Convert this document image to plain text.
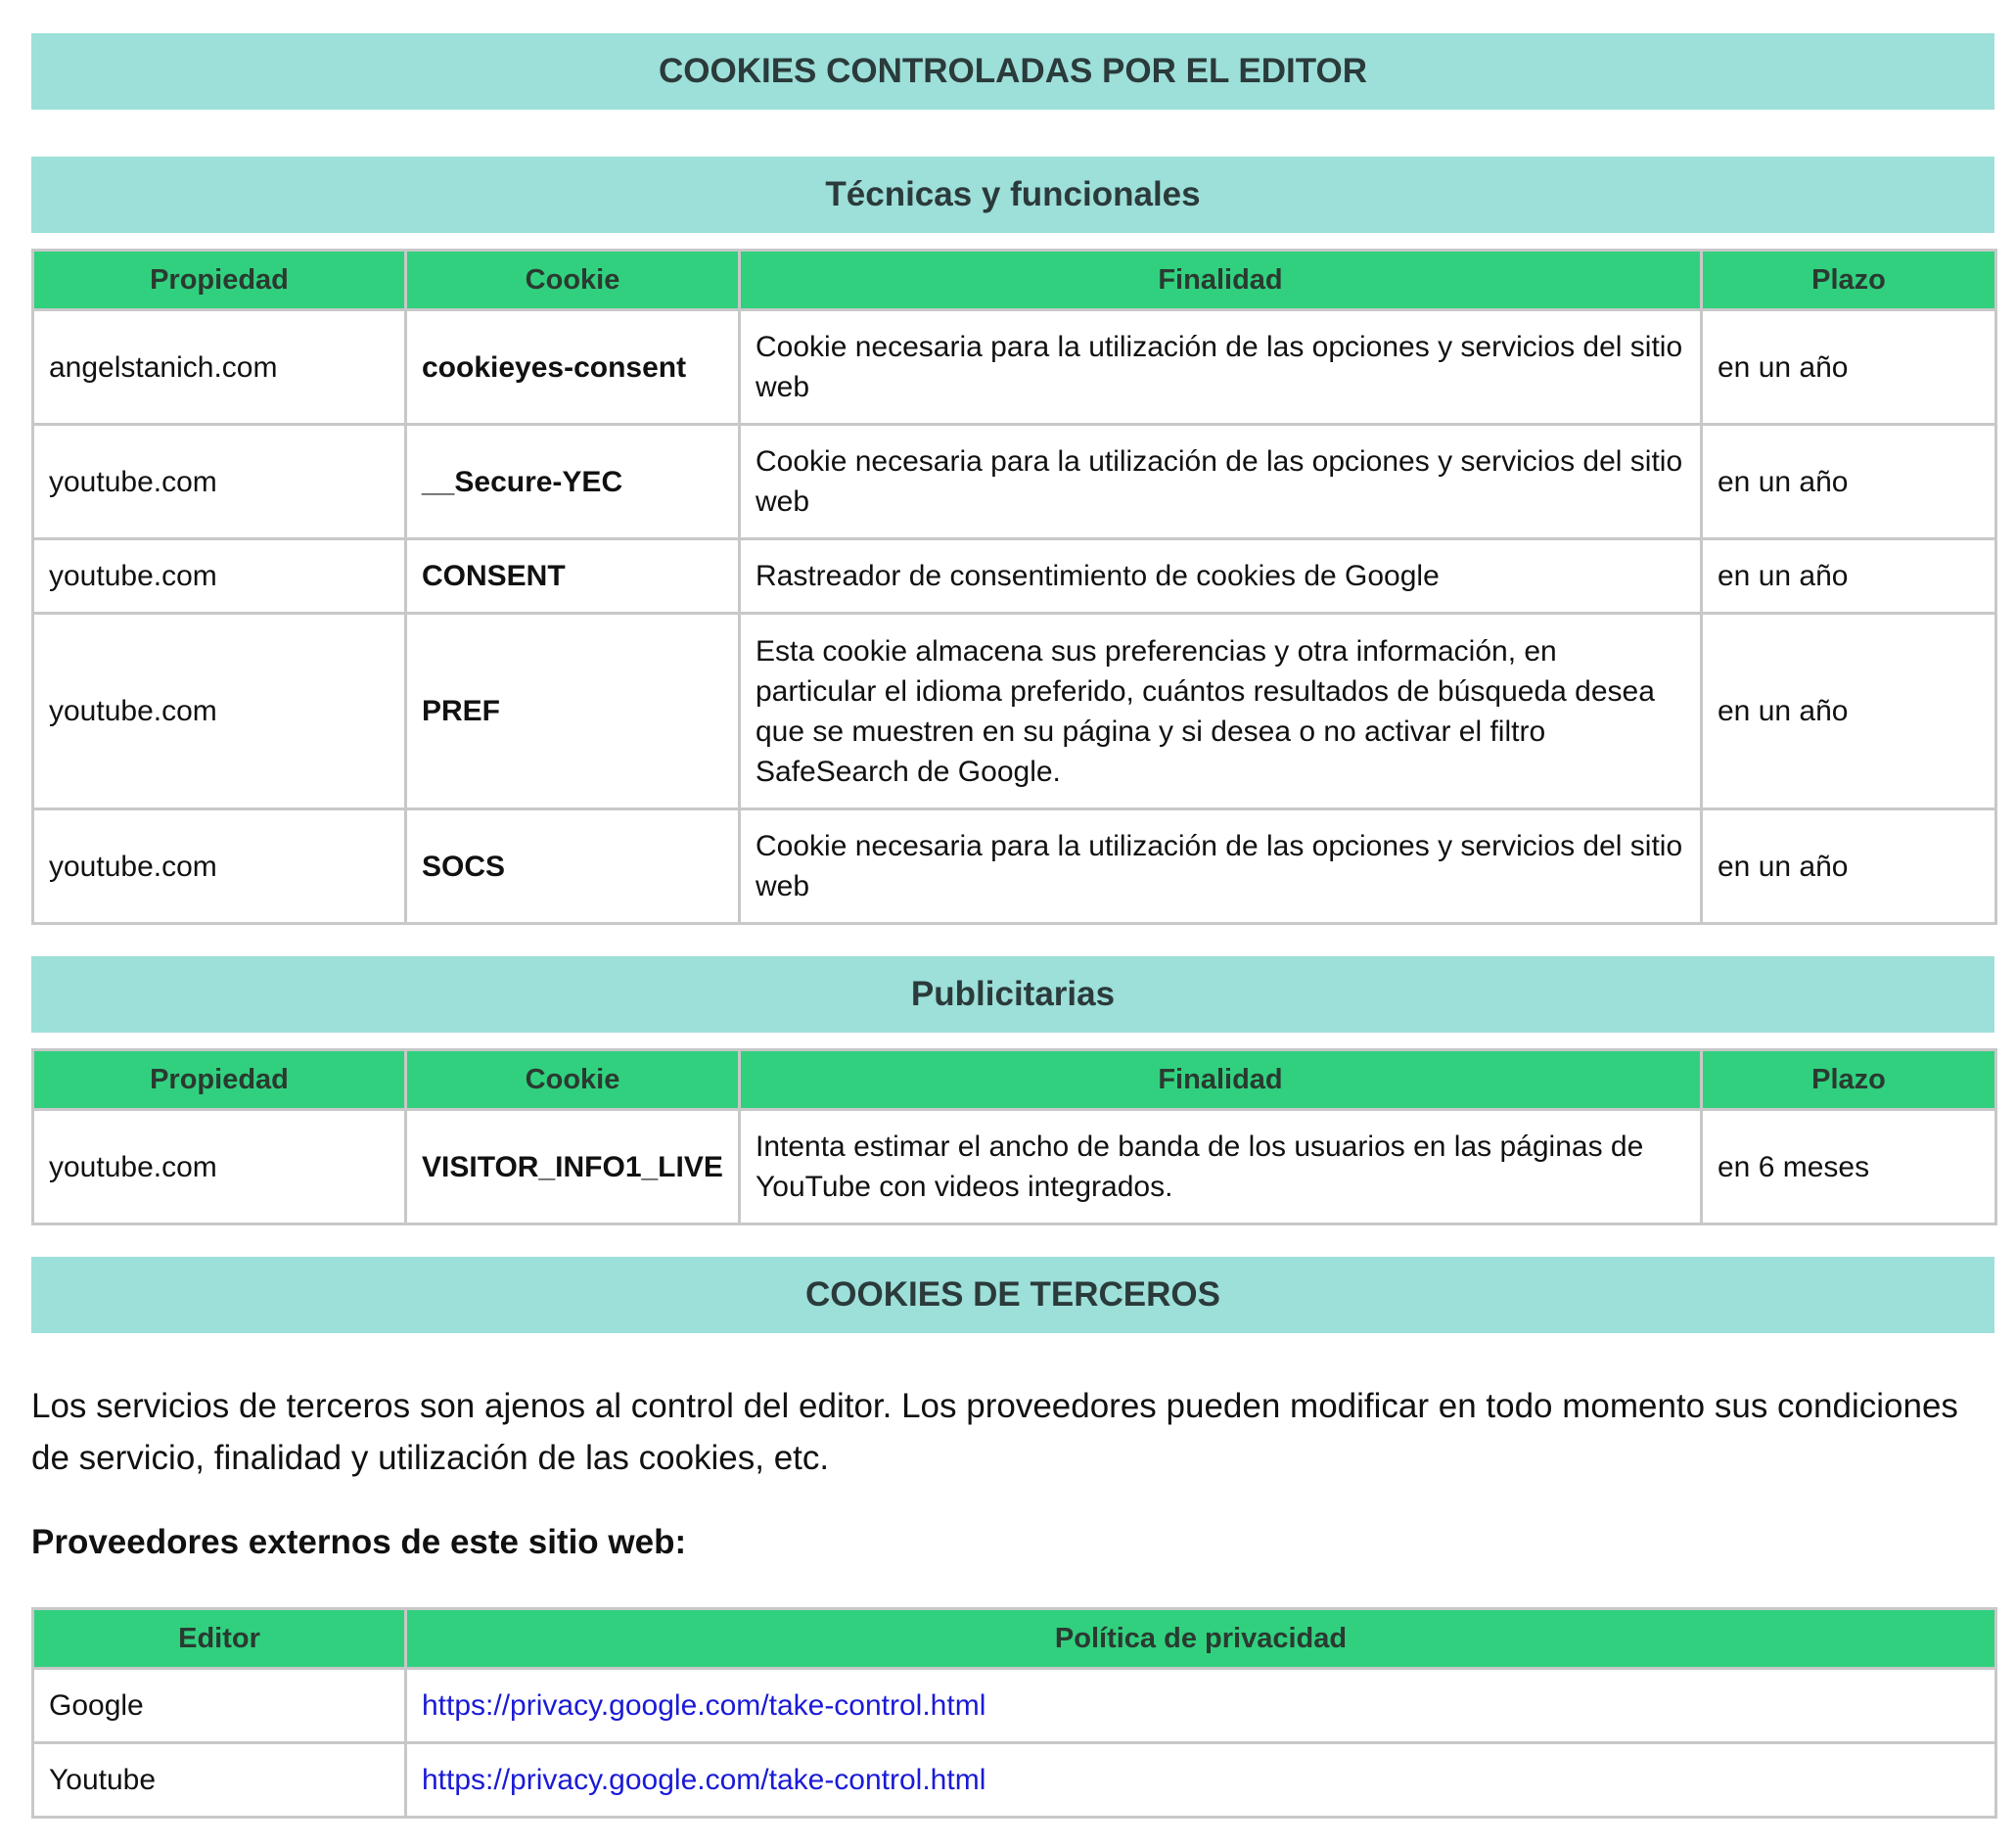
COOKIES CONTROLADAS POR EL EDITOR
Técnicas y funcionales
Propiedad	Cookie	Finalidad	Plazo
angelstanich.com	cookieyes-consent	Cookie necesaria para la utilización de las opciones y servicios del sitio web	en un año
youtube.com	__Secure-YEC	Cookie necesaria para la utilización de las opciones y servicios del sitio web	en un año
youtube.com	CONSENT	Rastreador de consentimiento de cookies de Google	en un año
youtube.com	PREF	Esta cookie almacena sus preferencias y otra información, en particular el idioma preferido, cuántos resultados de búsqueda desea que se muestren en su página y si desea o no activar el filtro SafeSearch de Google.	en un año
youtube.com	SOCS	Cookie necesaria para la utilización de las opciones y servicios del sitio web	en un año
Publicitarias
Propiedad	Cookie	Finalidad	Plazo
youtube.com	VISITOR_INFO1_LIVE	Intenta estimar el ancho de banda de los usuarios en las páginas de YouTube con videos integrados.	en 6 meses
COOKIES DE TERCEROS

Los servicios de terceros son ajenos al control del editor. Los proveedores pueden modificar en todo momento sus condiciones de servicio, finalidad y utilización de las cookies, etc.

Proveedores externos de este sitio web:

Editor	Política de privacidad
Google	https://privacy.google.com/take-control.html
Youtube	https://privacy.google.com/take-control.html
